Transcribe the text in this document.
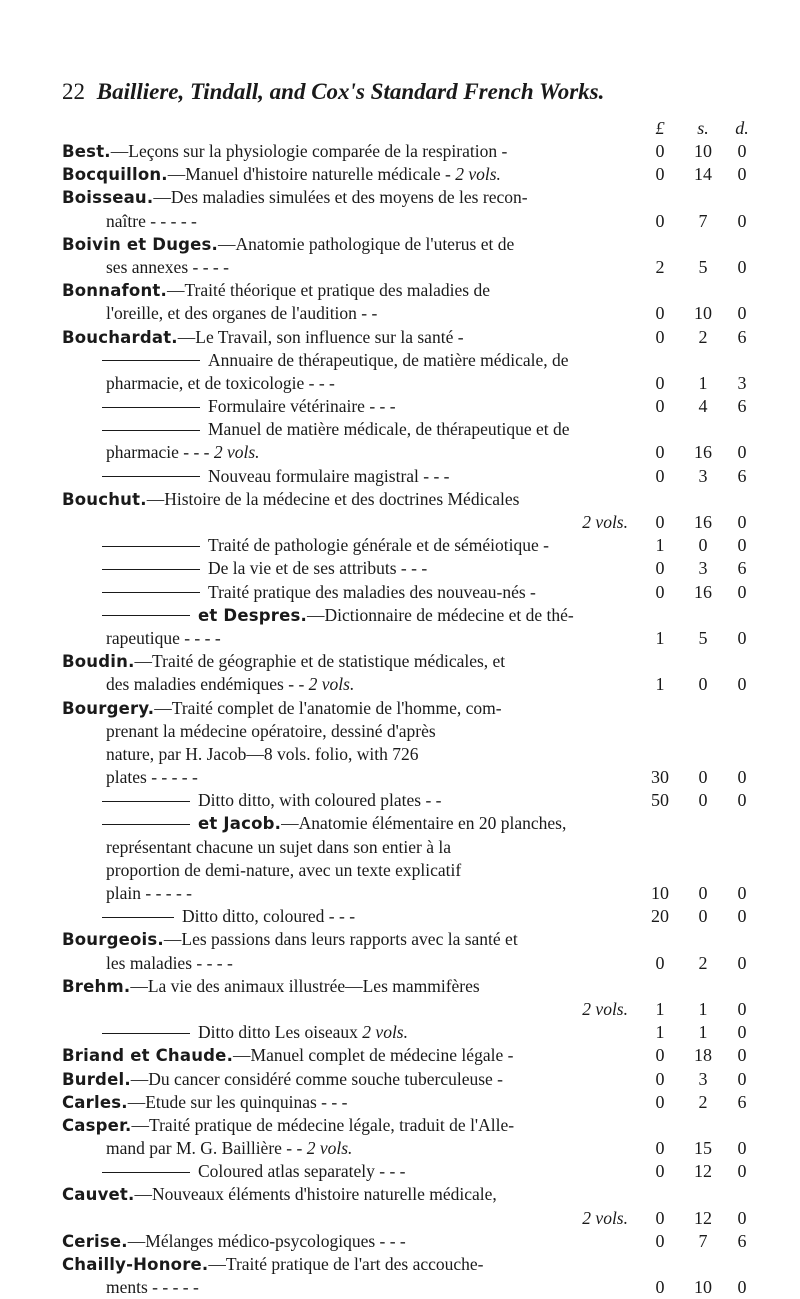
22 Bailliere, Tindall, and Cox's Standard French Works.
£	s.	d.
Best.—Leçons sur la physiologie comparée de la respiration -	0	10	0
Bocquillon.—Manuel d'histoire naturelle médicale - 2 vols.	0	14	0
Boisseau.—Des maladies simulées et des moyens de les recon-
naître - - - - -	0	7	0
Boivin et Duges.—Anatomie pathologique de l'uterus et de
ses annexes - - - -	2	5	0
Bonnafont.—Traité théorique et pratique des maladies de
l'oreille, et des organes de l'audition - -	0	10	0
Bouchardat.—Le Travail, son influence sur la santé -	0	2	6
Annuaire de thérapeutique, de matière médicale, de
pharmacie, et de toxicologie - - -	0	1	3
Formulaire vétérinaire - - -	0	4	6
Manuel de matière médicale, de thérapeutique et de
pharmacie - - - 2 vols.	0	16	0
Nouveau formulaire magistral - - -	0	3	6
Bouchut.—Histoire de la médecine et des doctrines Médicales
2 vols.	0	16	0
Traité de pathologie générale et de séméiotique -	1	0	0
De la vie et de ses attributs - - -	0	3	6
Traité pratique des maladies des nouveau-nés -	0	16	0
et Despres.—Dictionnaire de médecine et de thé-
rapeutique - - - -	1	5	0
Boudin.—Traité de géographie et de statistique médicales, et
des maladies endémiques - - 2 vols.	1	0	0
Bourgery.—Traité complet de l'anatomie de l'homme, com-
prenant la médecine opératoire, dessiné d'après
nature, par H. Jacob—8 vols. folio, with 726
plates - - - - -	30	0	0
Ditto ditto, with coloured plates - -	50	0	0
et Jacob.—Anatomie élémentaire en 20 planches,
représentant chacune un sujet dans son entier à la
proportion de demi-nature, avec un texte explicatif
plain - - - - -	10	0	0
Ditto ditto, coloured - - -	20	0	0
Bourgeois.—Les passions dans leurs rapports avec la santé et
les maladies - - - -	0	2	0
Brehm.—La vie des animaux illustrée—Les mammifères
2 vols.	1	1	0
Ditto ditto Les oiseaux 2 vols.	1	1	0
Briand et Chaude.—Manuel complet de médecine légale -	0	18	0
Burdel.—Du cancer considéré comme souche tuberculeuse -	0	3	0
Carles.—Etude sur les quinquinas - - -	0	2	6
Casper.—Traité pratique de médecine légale, traduit de l'Alle-
mand par M. G. Baillière - - 2 vols.	0	15	0
Coloured atlas separately - - -	0	12	0
Cauvet.—Nouveaux éléments d'histoire naturelle médicale,
2 vols.	0	12	0
Cerise.—Mélanges médico-psycologiques - - -	0	7	6
Chailly-Honore.—Traité pratique de l'art des accouche-
ments - - - - -	0	10	0
